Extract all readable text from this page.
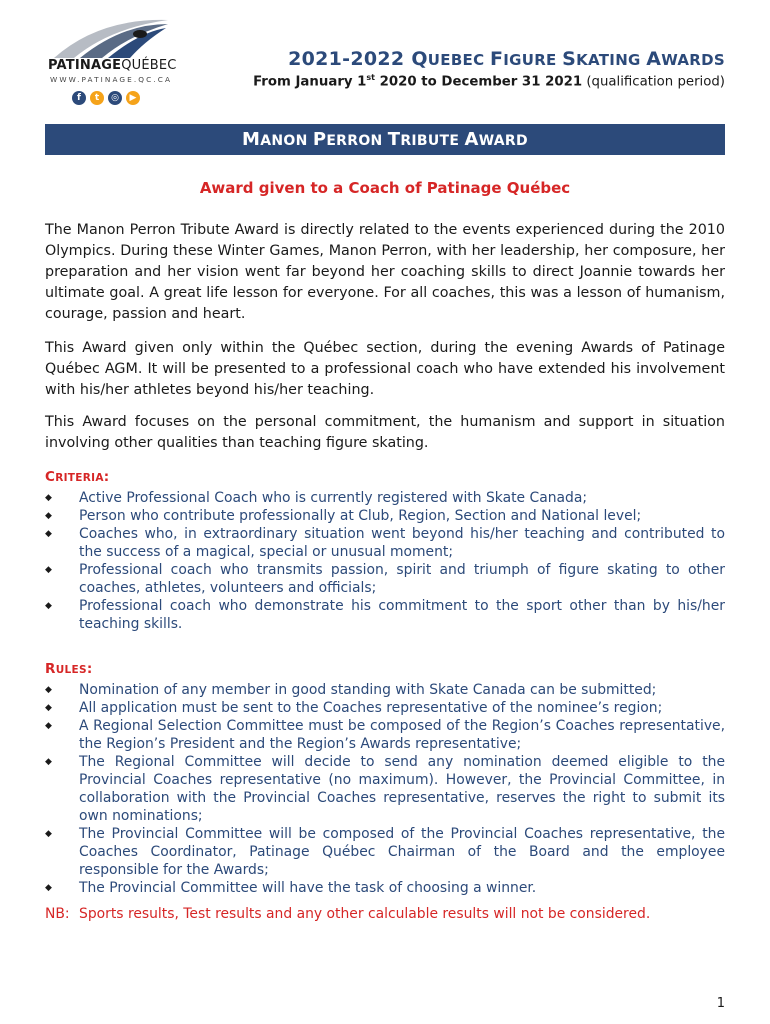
PATINAGEQUÉBEC
WWW.PATINAGE.QC.CA
f	t	◎	▶
2021-2022 QUEBEC FIGURE SKATING AWARDS
From January 1st 2020 to December 31 2021 (qualification period)
MANON PERRON TRIBUTE AWARD
Award given to a Coach of Patinage Québec
The Manon Perron Tribute Award is directly related to the events experienced during the 2010 Olympics. During these Winter Games, Manon Perron, with her leadership, her composure, her preparation and her vision went far beyond her coaching skills to direct Joannie towards her ultimate goal. A great life lesson for everyone. For all coaches, this was a lesson of humanism, courage, passion and heart.
This Award given only within the Québec section, during the evening Awards of Patinage Québec AGM. It will be presented to a professional coach who have extended his involvement with his/her athletes beyond his/her teaching.
This Award focuses on the personal commitment, the humanism and support in situation involving other qualities than teaching figure skating.
CRITERIA:
◆	Active Professional Coach who is currently registered with Skate Canada;
◆	Person who contribute professionally at Club, Region, Section and National level;
◆	Coaches who, in extraordinary situation went beyond his/her teaching and contributed to the success of a magical, special or unusual moment;
◆	Professional coach who transmits passion, spirit and triumph of figure skating to other coaches, athletes, volunteers and officials;
◆	Professional coach who demonstrate his commitment to the sport other than by his/her teaching skills.
RULES:
◆	Nomination of any member in good standing with Skate Canada can be submitted;
◆	All application must be sent to the Coaches representative of the nominee’s region;
◆	A Regional Selection Committee must be composed of the Region’s Coaches representative, the Region’s President and the Region’s Awards representative;
◆	The Regional Committee will decide to send any nomination deemed eligible to the Provincial Coaches representative (no maximum). However, the Provincial Committee, in collaboration with the Provincial Coaches representative, reserves the right to submit its own nominations;
◆	The Provincial Committee will be composed of the Provincial Coaches representative, the Coaches Coordinator, Patinage Québec Chairman of the Board and the employee responsible for the Awards;
◆	The Provincial Committee will have the task of choosing a winner.
NB: Sports results, Test results and any other calculable results will not be considered.
1
